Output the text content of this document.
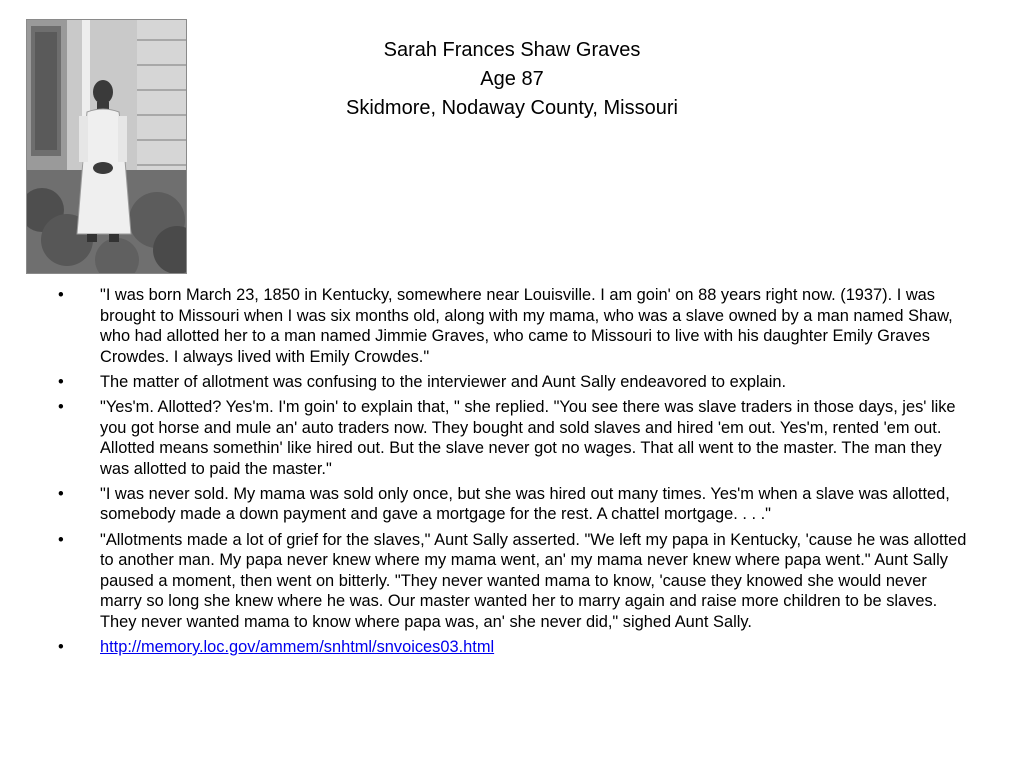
Sarah Frances Shaw Graves
Age 87
Skidmore, Nodaway County, Missouri
•	"I was born March 23, 1850 in Kentucky, somewhere near Louisville. I am goin' on 88 years right now. (1937). I was brought to Missouri when I was six months old, along with my mama, who was a slave owned by a man named Shaw, who had allotted her to a man named Jimmie Graves, who came to Missouri to live with his daughter Emily Graves Crowdes. I always lived with Emily Crowdes."
•	The matter of allotment was confusing to the interviewer and Aunt Sally endeavored to explain.
•	"Yes'm. Allotted? Yes'm. I'm goin' to explain that, " she replied. "You see there was slave traders in those days, jes' like you got horse and mule an' auto traders now. They bought and sold slaves and hired 'em out. Yes'm, rented 'em out. Allotted means somethin' like hired out. But the slave never got no wages. That all went to the master. The man they was allotted to paid the master."
•	"I was never sold. My mama was sold only once, but she was hired out many times. Yes'm when a slave was allotted, somebody made a down payment and gave a mortgage for the rest. A chattel mortgage. . . ."
•	"Allotments made a lot of grief for the slaves," Aunt Sally asserted. "We left my papa in Kentucky, 'cause he was allotted to another man. My papa never knew where my mama went, an' my mama never knew where papa went." Aunt Sally paused a moment, then went on bitterly. "They never wanted mama to know, 'cause they knowed she would never marry so long she knew where he was. Our master wanted her to marry again and raise more children to be slaves. They never wanted mama to know where papa was, an' she never did," sighed Aunt Sally.
•	http://memory.loc.gov/ammem/snhtml/snvoices03.html
